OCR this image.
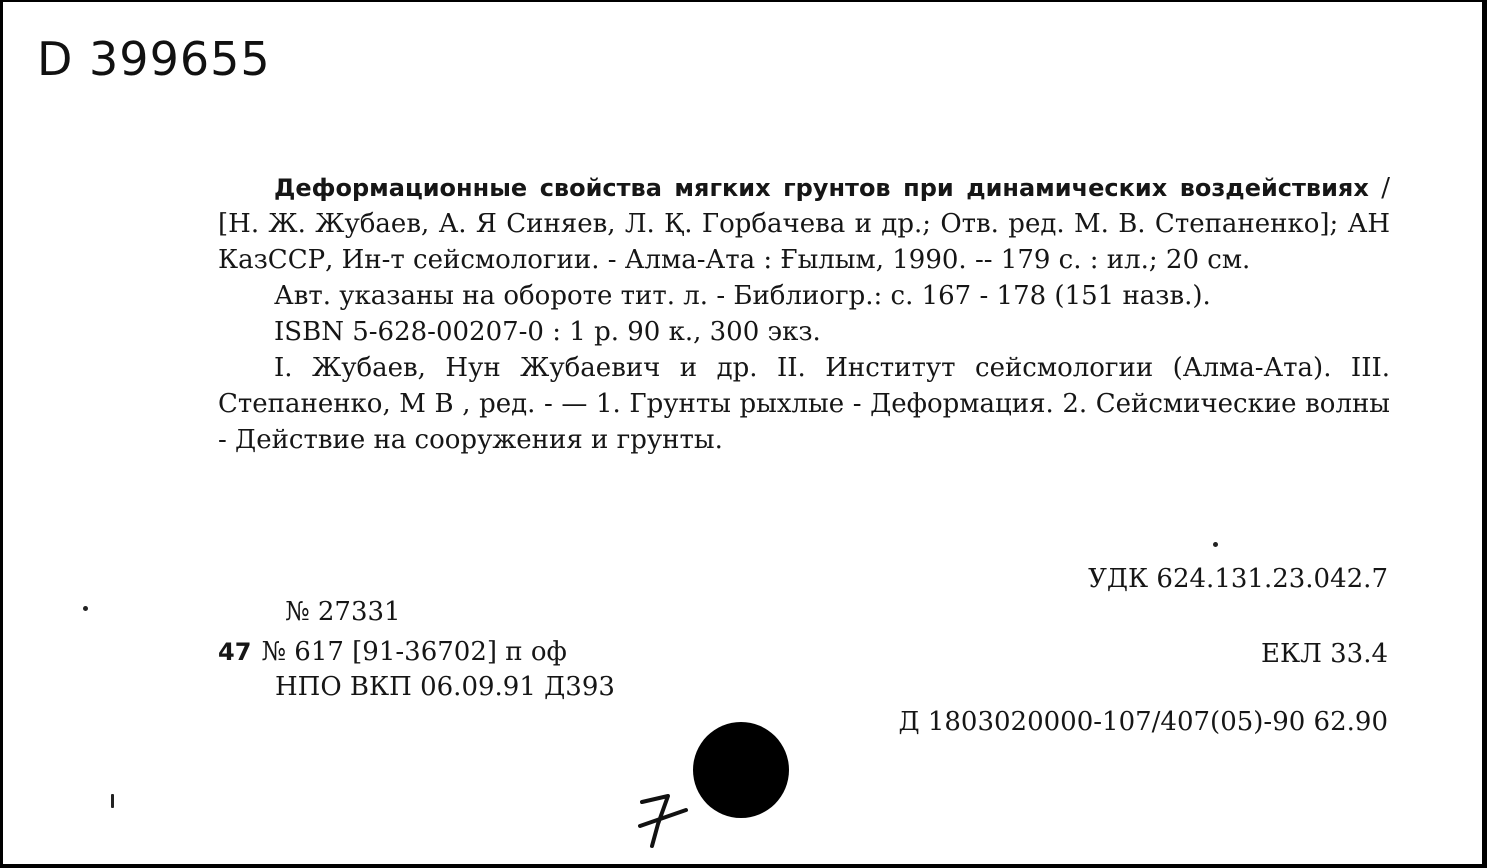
D 399655

Деформационные свойства мягких грунтов при динамических воздействиях / [Н. Ж. Жубаев, А. Я Синяев, Л. Қ. Горбачева и др.; Отв. ред. М. В. Степаненко]; АН КазССР, Ин-т сейсмологии. - Алма-Ата : Ғылым, 1990. -- 179 с. : ил.; 20 см.

Авт. указаны на обороте тит. л. - Библиогр.: с. 167 - 178 (151 назв.).

ISBN 5-628-00207-0 : 1 р. 90 к., 300 экз.

I. Жубаев, Нун Жубаевич и др. II. Институт сейсмологии (Алма-Ата). III. Степаненко, М В , ред. - — 1. Грунты рыхлые - Деформация. 2. Сейсмические волны - Действие на сооружения и грунты.

УДК 624.131.23.042.7
№ 27331
47 № 617 [91-36702] п оф
НПО ВКП 06.09.91 Д393
ЕКЛ 33.4
Д 1803020000-107/407(05)-90 62.90
